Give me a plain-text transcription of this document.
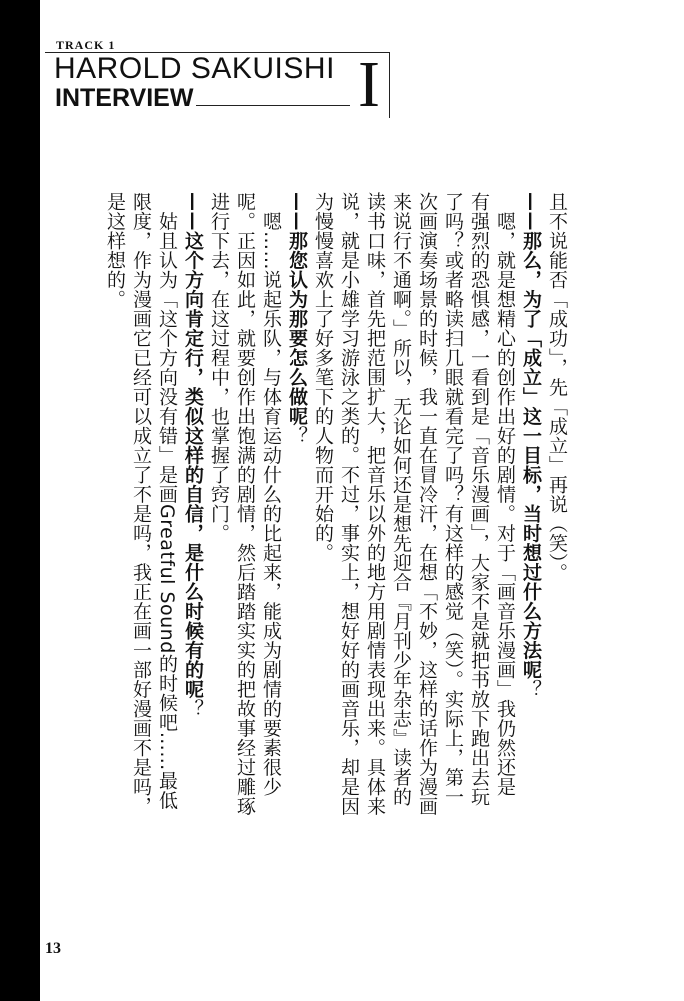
TRACK 1
HAROLD SAKUISHI
INTERVIEW I

且不说能否「成功」，先「成立」再说（笑）。

——那么，为了「成立」这一目标，当时想过什么方法呢？

　嗯，就是想精心的创作出好的剧情。对于「画音乐漫画」我仍然还是

有强烈的恐惧感，一看到是「音乐漫画」，大家不是就把书放下跑出去玩

了吗？或者略读扫几眼就看完了吗？有这样的感觉（笑）。实际上，第一

次画演奏场景的时候，我一直在冒冷汗，在想「不妙，这样的话作为漫画

来说行不通啊。」所以，无论如何还是想先迎合『月刊少年杂志』读者的

读书口味，首先把范围扩大，把音乐以外的地方用剧情表现出来。具体来

说，就是小雄学习游泳之类的。不过，事实上，想好好的画音乐，却是因

为慢慢喜欢上了好多笔下的人物而开始的。

——那您认为那要怎么做呢？

　嗯……说起乐队，与体育运动什么的比起来，能成为剧情的要素很少

呢。正因如此，就要创作出饱满的剧情，然后踏踏实实的把故事经过雕琢

进行下去，在这过程中，也掌握了窍门。

——这个方向肯定行，类似这样的自信，是什么时候有的呢？

　姑且认为「这个方向没有错」是画Greatful Sound的时候吧……最低

限度，作为漫画它已经可以成立了不是吗，我正在画一部好漫画不是吗，

是这样想的。

13
